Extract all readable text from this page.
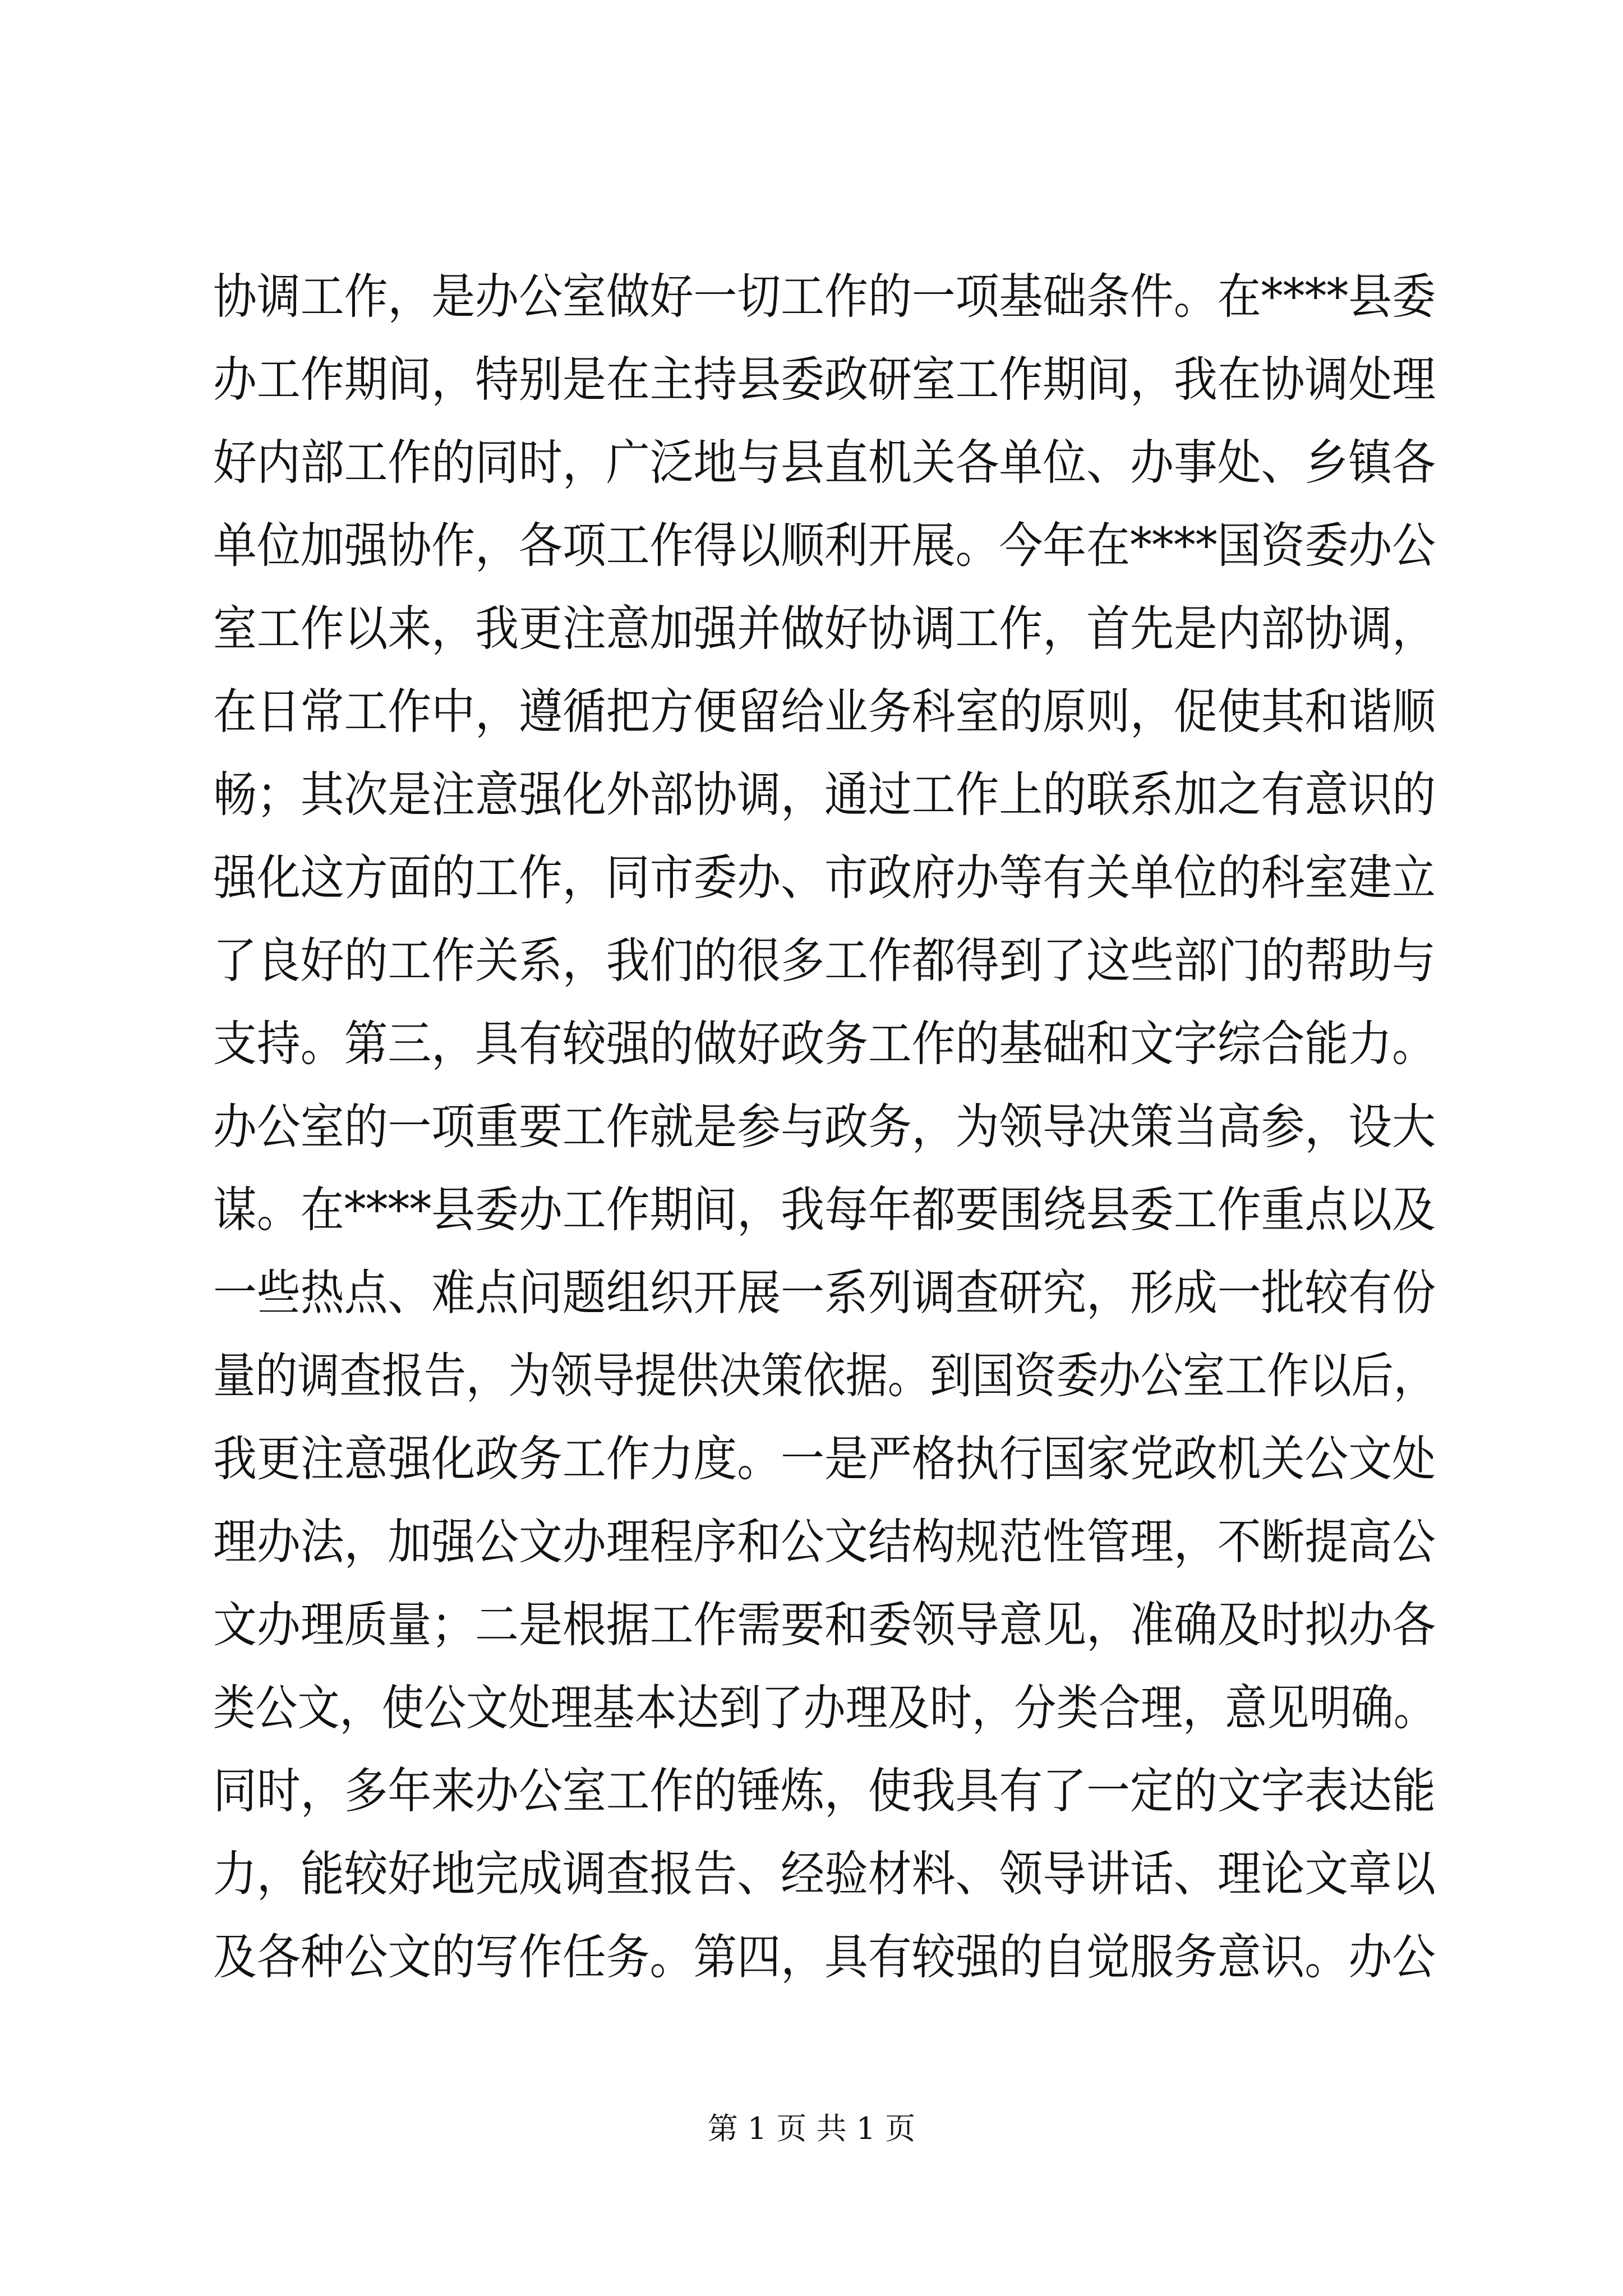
协调工作，是办公室做好一切工作的一项基础条件。在****县委
办工作期间，特别是在主持县委政研室工作期间，我在协调处理
好内部工作的同时，广泛地与县直机关各单位、办事处、乡镇各
单位加强协作，各项工作得以顺利开展。今年在****国资委办公
室工作以来，我更注意加强并做好协调工作，首先是内部协调，
在日常工作中，遵循把方便留给业务科室的原则，促使其和谐顺
畅；其次是注意强化外部协调，通过工作上的联系加之有意识的
强化这方面的工作，同市委办、市政府办等有关单位的科室建立
了良好的工作关系，我们的很多工作都得到了这些部门的帮助与
支持。第三，具有较强的做好政务工作的基础和文字综合能力。
办公室的一项重要工作就是参与政务，为领导决策当高参，设大
谋。在****县委办工作期间，我每年都要围绕县委工作重点以及
一些热点、难点问题组织开展一系列调查研究，形成一批较有份
量的调查报告，为领导提供决策依据。到国资委办公室工作以后，
我更注意强化政务工作力度。一是严格执行国家党政机关公文处
理办法，加强公文办理程序和公文结构规范性管理，不断提高公
文办理质量；二是根据工作需要和委领导意见，准确及时拟办各
类公文，使公文处理基本达到了办理及时，分类合理，意见明确。
同时，多年来办公室工作的锤炼，使我具有了一定的文字表达能
力，能较好地完成调查报告、经验材料、领导讲话、理论文章以
及各种公文的写作任务。第四，具有较强的自觉服务意识。办公
第 1 页 共 1 页
